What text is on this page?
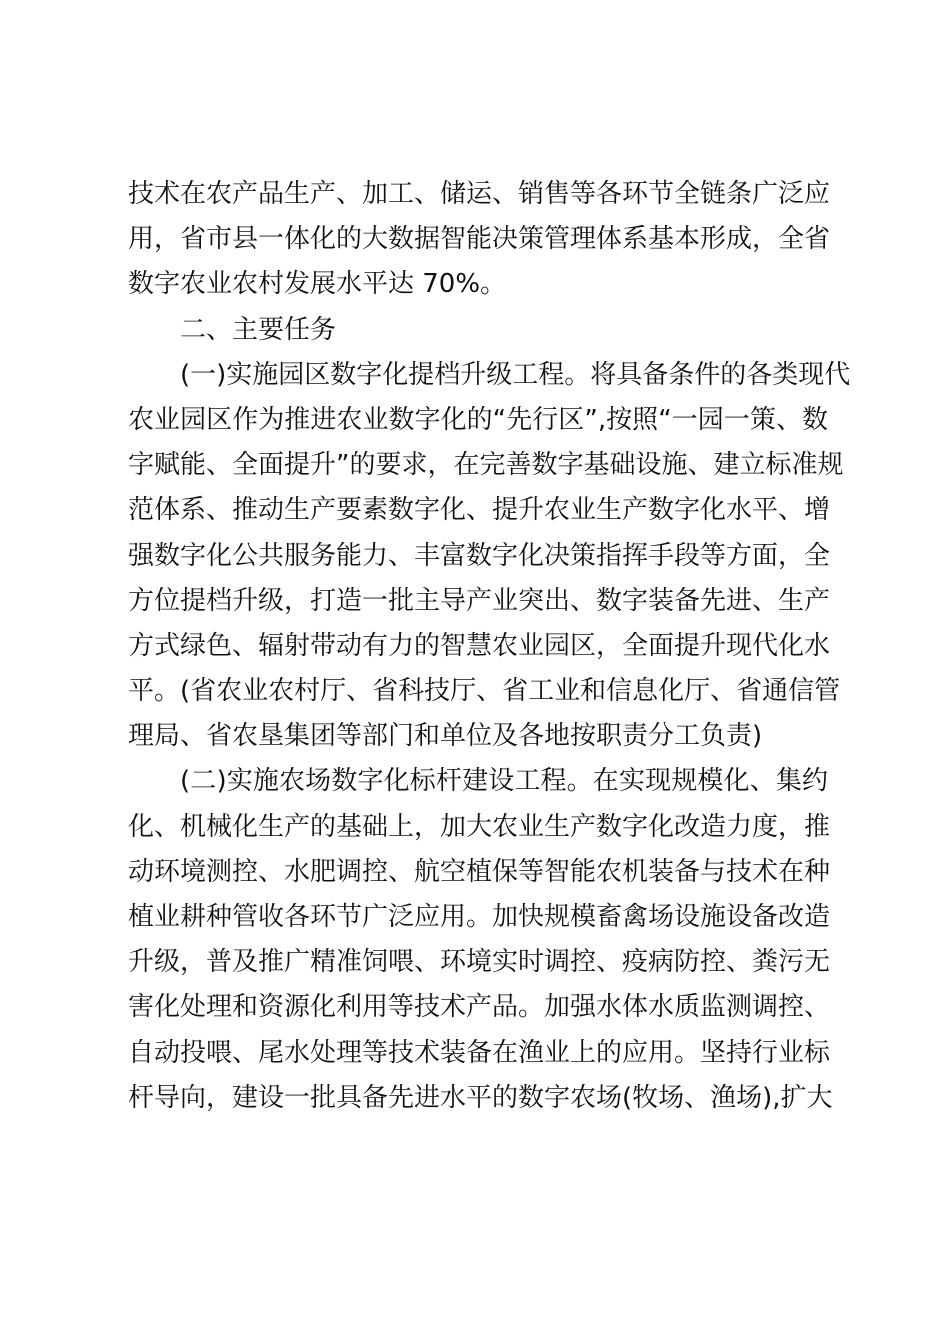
技术在农产品生产、加工、储运、销售等各环节全链条广泛应
用，省市县一体化的大数据智能决策管理体系基本形成，全省
数字农业农村发展水平达 70%。
二、主要任务
(一)实施园区数字化提档升级工程。将具备条件的各类现代
农业园区作为推进农业数字化的“先行区”,按照“一园一策、数
字赋能、全面提升”的要求，在完善数字基础设施、建立标准规
范体系、推动生产要素数字化、提升农业生产数字化水平、增
强数字化公共服务能力、丰富数字化决策指挥手段等方面，全
方位提档升级，打造一批主导产业突出、数字装备先进、生产
方式绿色、辐射带动有力的智慧农业园区，全面提升现代化水
平。(省农业农村厅、省科技厅、省工业和信息化厅、省通信管
理局、省农垦集团等部门和单位及各地按职责分工负责)
(二)实施农场数字化标杆建设工程。在实现规模化、集约
化、机械化生产的基础上，加大农业生产数字化改造力度，推
动环境测控、水肥调控、航空植保等智能农机装备与技术在种
植业耕种管收各环节广泛应用。加快规模畜禽场设施设备改造
升级，普及推广精准饲喂、环境实时调控、疫病防控、粪污无
害化处理和资源化利用等技术产品。加强水体水质监测调控、
自动投喂、尾水处理等技术装备在渔业上的应用。坚持行业标
杆导向，建设一批具备先进水平的数字农场(牧场、渔场),扩大
